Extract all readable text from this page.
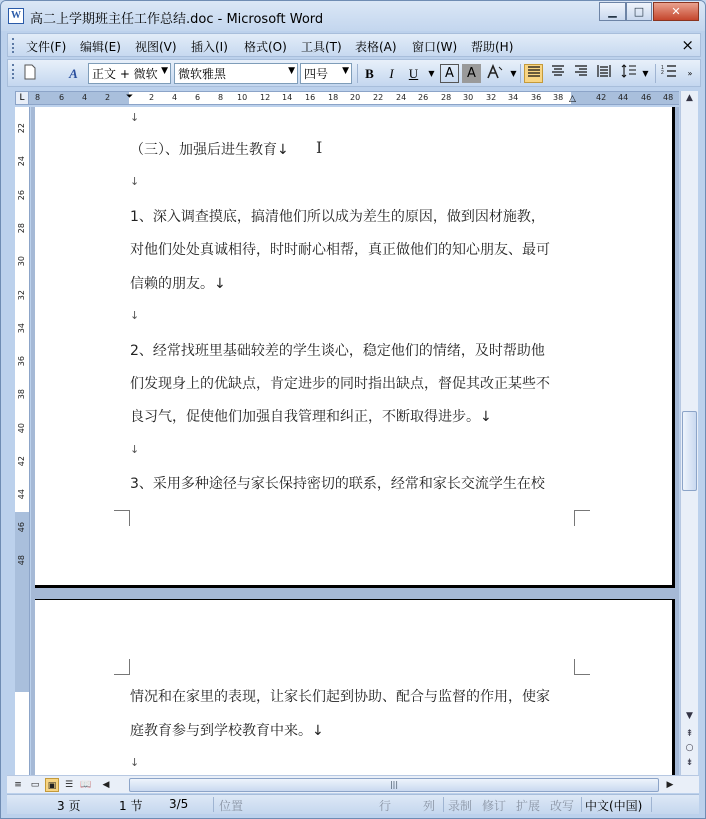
W 高二上学期班主任工作总结.doc - Microsoft Word
▁	□	✕
文件(F) 编辑(E) 视图(V) 插入(I) 格式(O) 工具(T) 表格(A) 窗口(W) 帮助(H)	×
A	正文 + 微软 ▼ 微软雅黑	▼ 四号 ▼	B	I	U	▼ A	A	▼	▼
1
2	»
8 6 4 2	2 4 6 8 10 12 14 16 18 20 22 24 26 28 30 32 34 36 38	42 44 46 48
⏷	△
L
22
24
26
28
30
32
34
36
38
40
42
44
46
48
↓
（三）、加强后进生教育↓ I
↓
1、深入调查摸底，搞清他们所以成为差生的原因，做到因材施教，
对他们处处真诚相待，时时耐心相帮，真正做他们的知心朋友、最可
信赖的朋友。↓
↓
2、经常找班里基础较差的学生谈心，稳定他们的情绪，及时帮助他
们发现身上的优缺点，肯定进步的同时指出缺点，督促其改正某些不
良习气，促使他们加强自我管理和纠正，不断取得进步。↓
↓
3、采用多种途径与家长保持密切的联系，经常和家长交流学生在校
情况和在家里的表现，让家长们起到协助、配合与监督的作用，使家
庭教育参与到学校教育中来。↓
↓
▲
▼
⇞
○
⇟
≡ ▭ ▣ ☰ 📖	◀	|||	▶
3 页	1 节 3/5	位置	行	列 录制 修订 扩展 改写 中文(中国)
